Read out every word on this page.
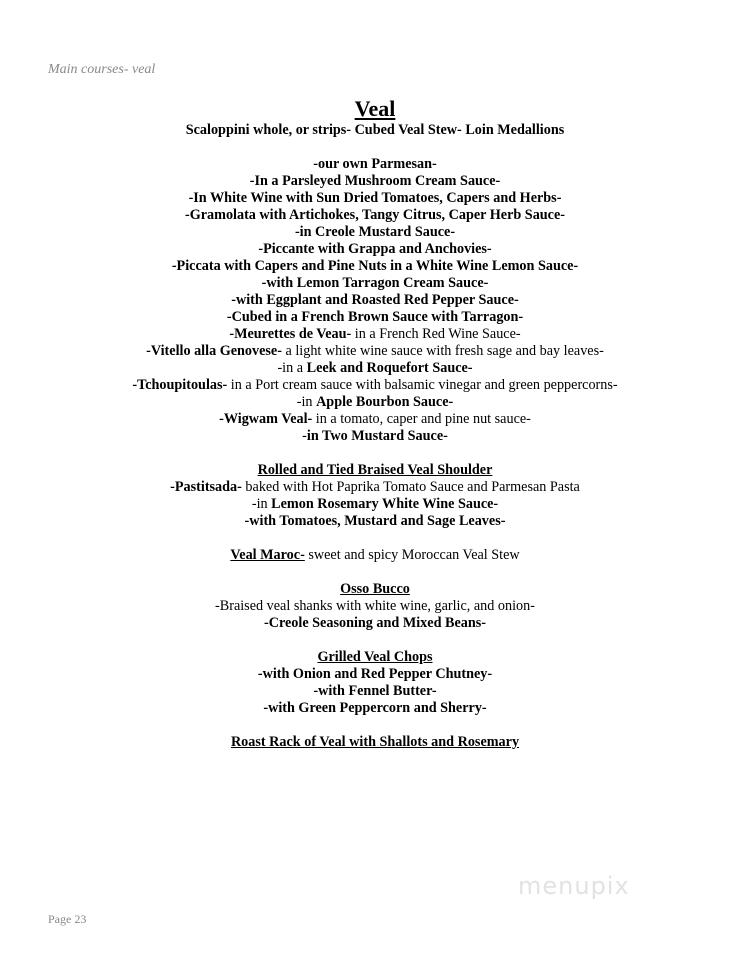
Main courses- veal
Veal
Scaloppini whole, or strips- Cubed Veal Stew- Loin Medallions
-our own Parmesan-
-In a Parsleyed Mushroom Cream Sauce-
-In White Wine with Sun Dried Tomatoes, Capers and Herbs-
-Gramolata with Artichokes, Tangy Citrus, Caper Herb Sauce-
-in Creole Mustard Sauce-
-Piccante with Grappa and Anchovies-
-Piccata with Capers and Pine Nuts in a White Wine Lemon Sauce-
-with Lemon Tarragon Cream Sauce-
-with Eggplant and Roasted Red Pepper Sauce-
-Cubed in a French Brown Sauce with Tarragon-
-Meurettes de Veau- in a French Red Wine Sauce-
-Vitello alla Genovese- a light white wine sauce with fresh sage and bay leaves-
-in a Leek and Roquefort Sauce-
-Tchoupitoulas- in a Port cream sauce with balsamic vinegar and green peppercorns-
-in Apple Bourbon Sauce-
-Wigwam Veal- in a tomato, caper and pine nut sauce-
-in Two Mustard Sauce-
Rolled and Tied Braised Veal Shoulder
-Pastitsada- baked with Hot Paprika Tomato Sauce and Parmesan Pasta
-in Lemon Rosemary White Wine Sauce-
-with Tomatoes, Mustard and Sage Leaves-
Veal Maroc- sweet and spicy Moroccan Veal Stew
Osso Bucco
-Braised veal shanks with white wine, garlic, and onion-
-Creole Seasoning and Mixed Beans-
Grilled Veal Chops
-with Onion and Red Pepper Chutney-
-with Fennel Butter-
-with Green Peppercorn and Sherry-
Roast Rack of Veal with Shallots and Rosemary
Page 23
menupix
